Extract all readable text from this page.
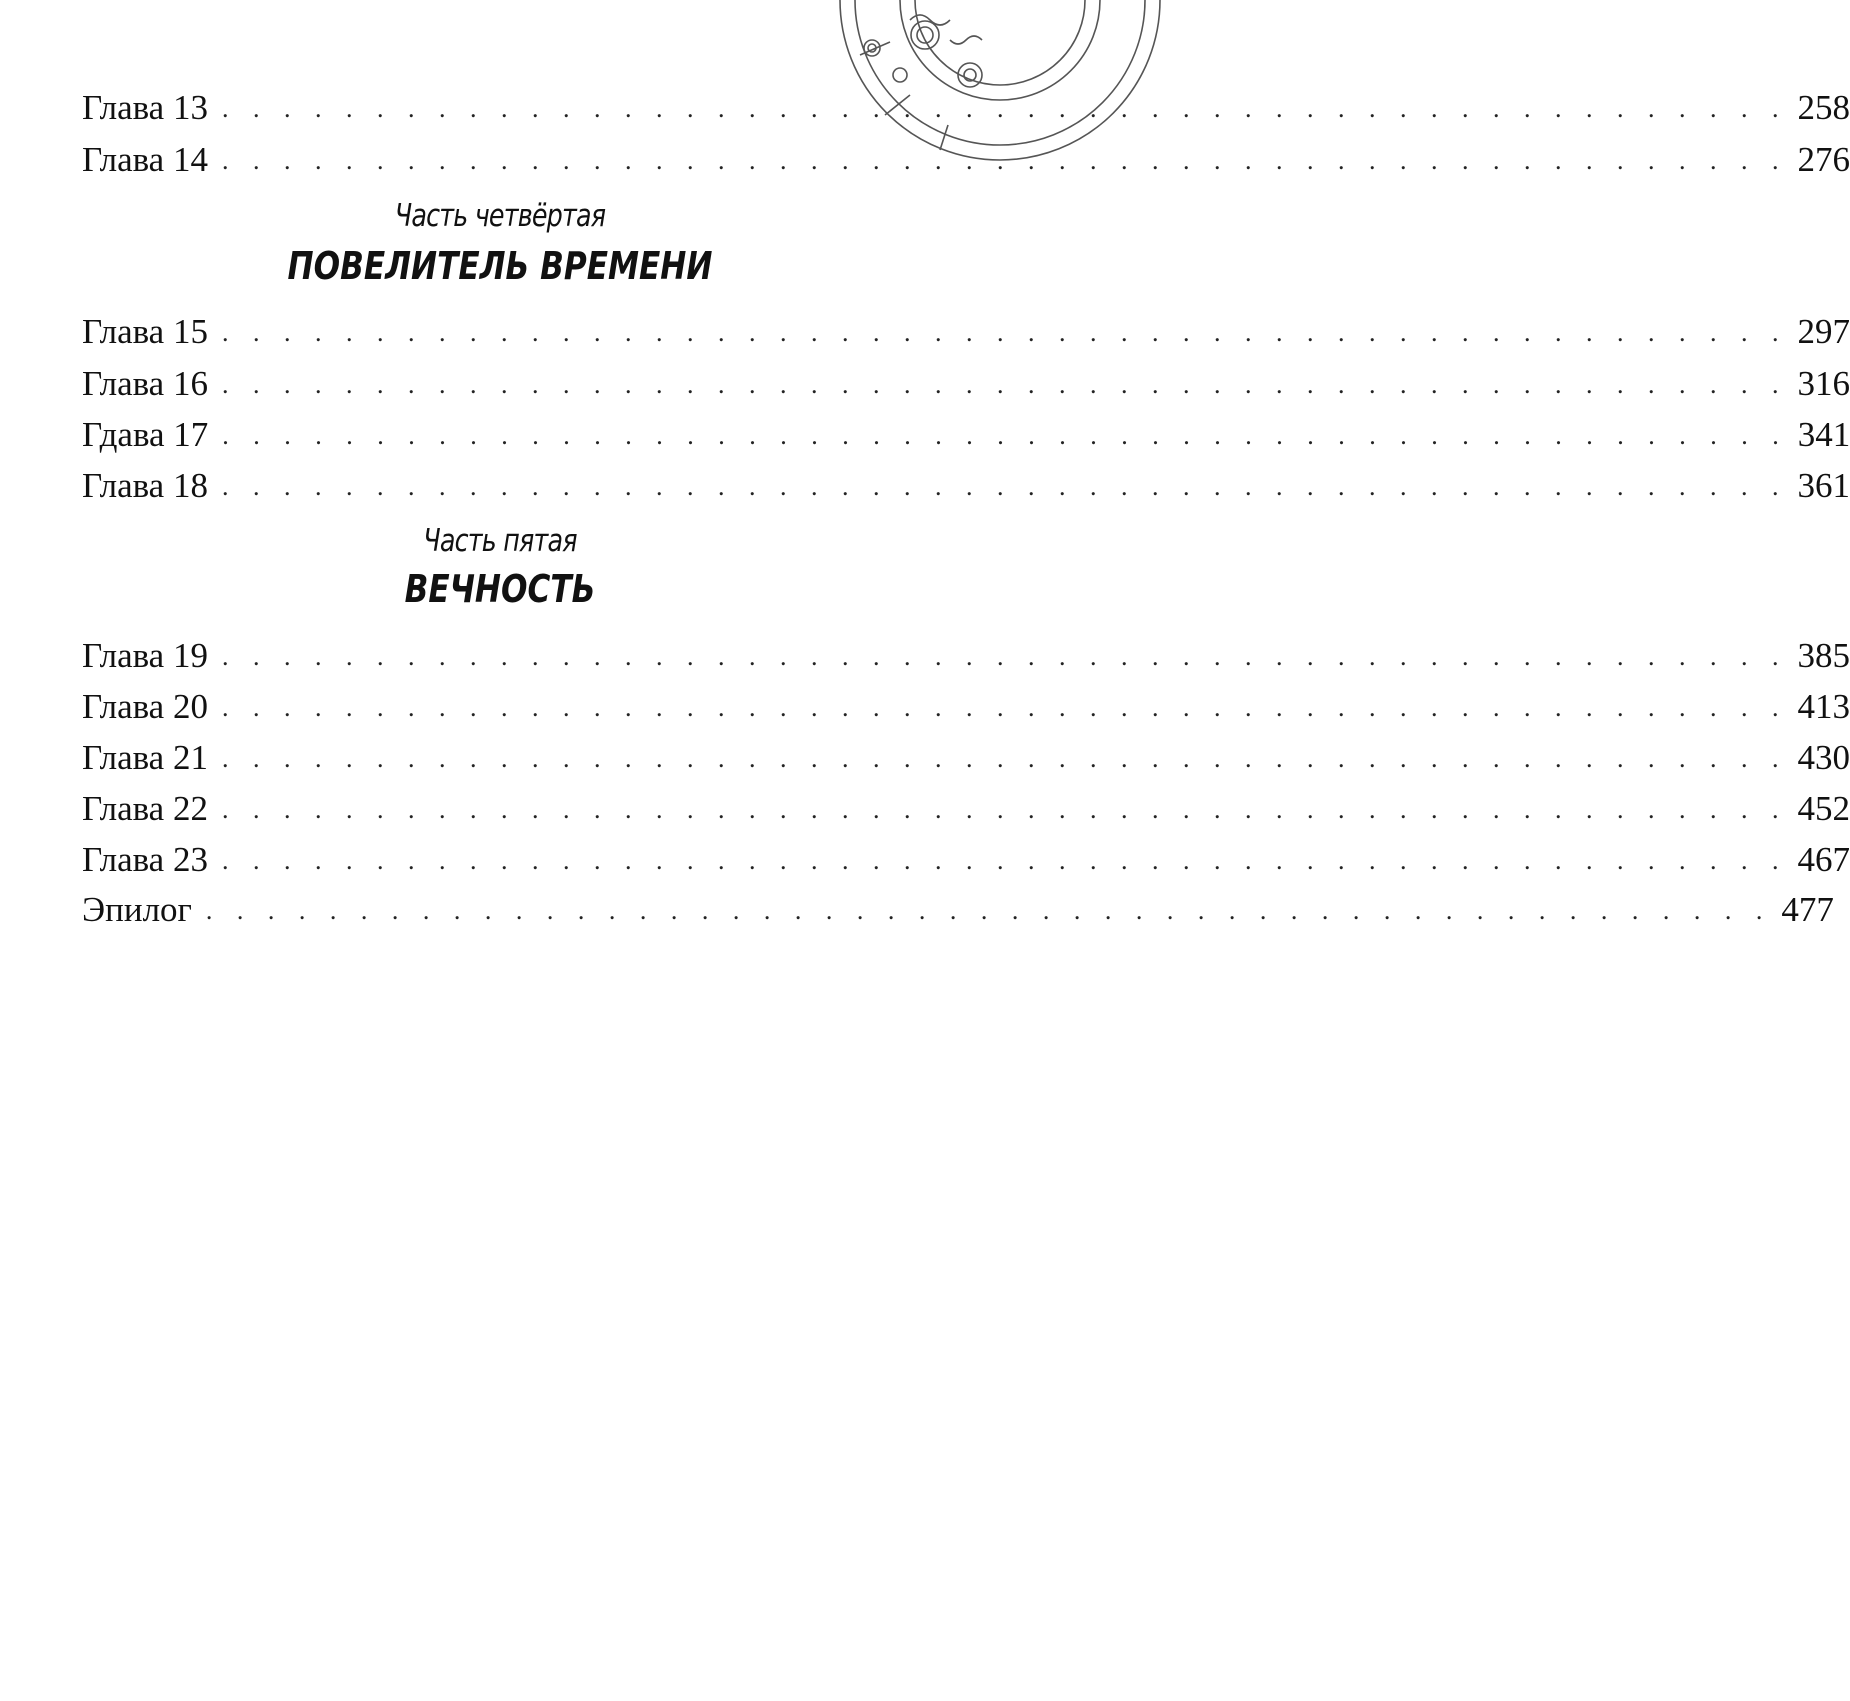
Глава 13 . . . . . . . . . . . . . . . . . . . . . . . . . . . . . . . . . . . . . . . . . . . . . . . . . . . 258
Глава 14 . . . . . . . . . . . . . . . . . . . . . . . . . . . . . . . . . . . . . . . . . . . . . . . . . . . 276
Часть четвёртая
ПОВЕЛИТЕЛЬ ВРЕМЕНИ
Глава 15 . . . . . . . . . . . . . . . . . . . . . . . . . . . . . . . . . . . . . . . . . . . . . . . . . . . 297
Глава 16 . . . . . . . . . . . . . . . . . . . . . . . . . . . . . . . . . . . . . . . . . . . . . . . . . . . 316
Гдава 17 . . . . . . . . . . . . . . . . . . . . . . . . . . . . . . . . . . . . . . . . . . . . . . . . . . . 341
Глава 18 . . . . . . . . . . . . . . . . . . . . . . . . . . . . . . . . . . . . . . . . . . . . . . . . . . . 361
Часть пятая
ВЕЧНОСТЬ
Глава 19 . . . . . . . . . . . . . . . . . . . . . . . . . . . . . . . . . . . . . . . . . . . . . . . . . . . 385
Глава 20 . . . . . . . . . . . . . . . . . . . . . . . . . . . . . . . . . . . . . . . . . . . . . . . . . . . 413
Глава 21 . . . . . . . . . . . . . . . . . . . . . . . . . . . . . . . . . . . . . . . . . . . . . . . . . . . 430
Глава 22 . . . . . . . . . . . . . . . . . . . . . . . . . . . . . . . . . . . . . . . . . . . . . . . . . . . 452
Глава 23 . . . . . . . . . . . . . . . . . . . . . . . . . . . . . . . . . . . . . . . . . . . . . . . . . . . 467
Эпилог . . . . . . . . . . . . . . . . . . . . . . . . . . . . . . . . . . . . . . . . . . . . . . . . . . . 477
